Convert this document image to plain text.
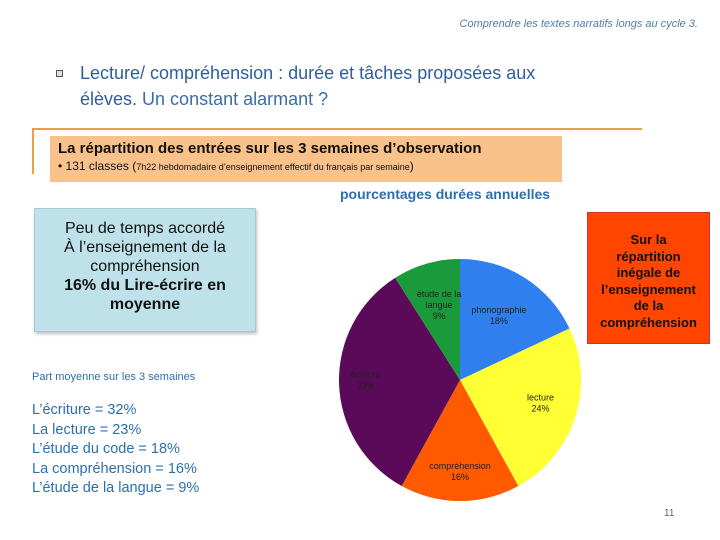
Comprendre les textes narratifs longs au cycle 3.
Lecture/ compréhension : durée et tâches proposées aux
élèves. Un constant alarmant ?
La répartition des entrées sur les 3 semaines d’observation
• 131 classes (7h22 hebdomadaire d’enseignement effectif du français par semaine)
Peu de temps accordé
À l’enseignement de la
compréhension
16% du Lire-écrire en
moyenne
pourcentages durées annuelles
Part moyenne sur les 3 semaines
L’écriture = 32%
La lecture = 23%
L’étude du code = 18%
La compréhension = 16%
L’étude de la langue = 9%
phonographie 18%
lecture 24%
compréhension 16%
écriture 33%
étude de la langue 9%
Sur la
répartition
inégale de
l’enseignement
de la
compréhension
11
